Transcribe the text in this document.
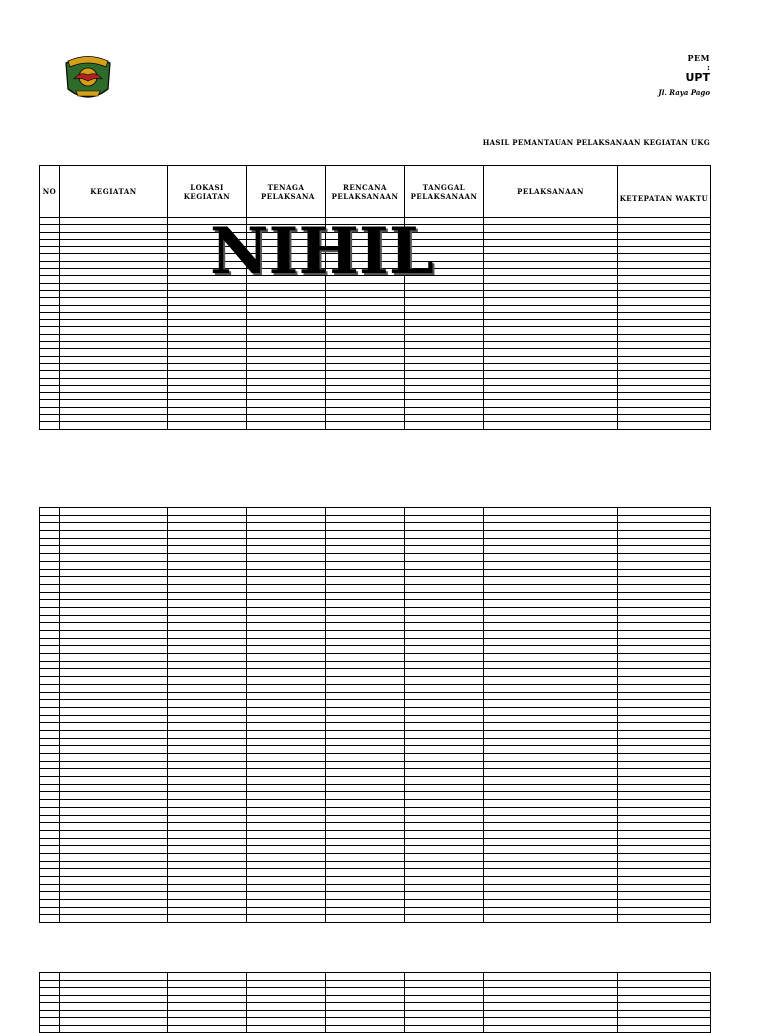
PEM
:
UPT
Jl. Raya Pago
HASIL PEMANTAUAN PELAKSANAAN KEGIATAN UKG
NO	KEGIATAN	LOKASI KEGIATAN	TENAGA PELAKSANA	RENCANA PELAKSANAAN	TANGGAL PELAKSANAAN	PELAKSANAAN	KETEPATAN WAKTU

NIHIL
